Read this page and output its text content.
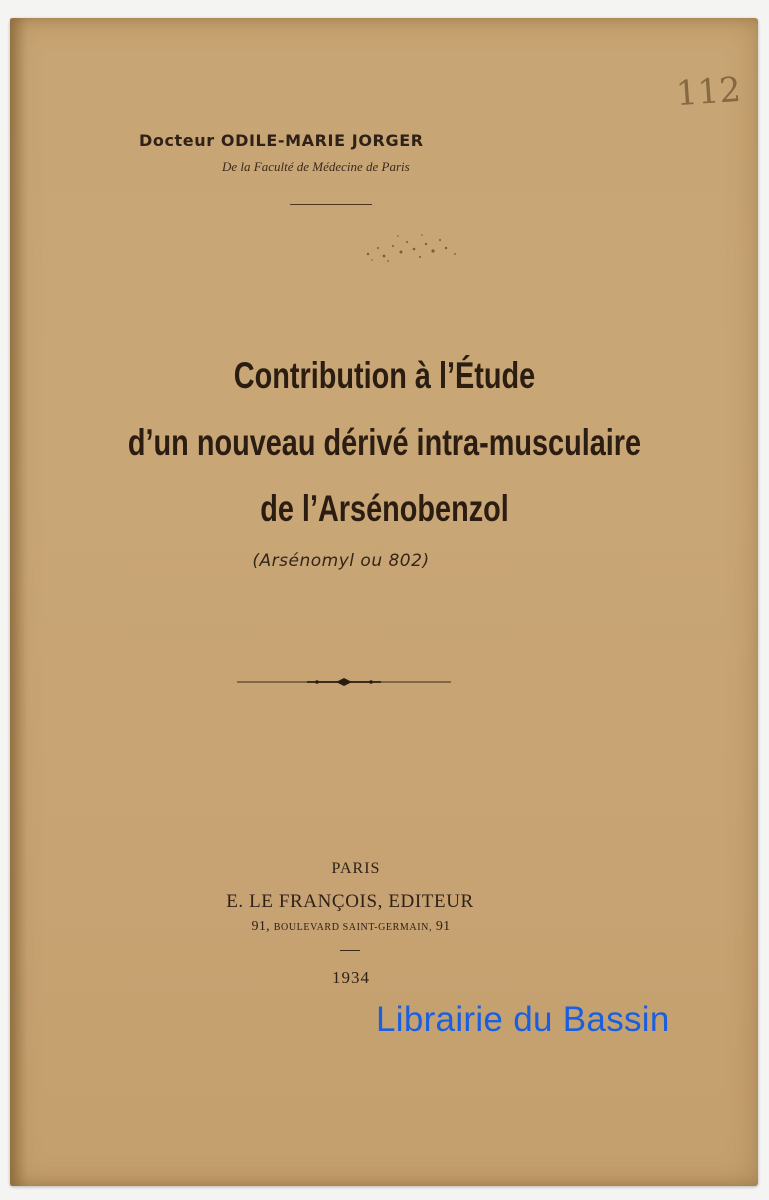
112
Docteur ODILE-MARIE JORGER
De la Faculté de Médecine de Paris
Contribution à l’Étude
d’un nouveau dérivé intra-musculaire
de l’Arsénobenzol
(Arsénomyl ou 802)
PARIS
E. LE FRANÇOIS, EDITEUR
91, BOULEVARD SAINT-GERMAIN, 91
1934
Librairie du Bassin
